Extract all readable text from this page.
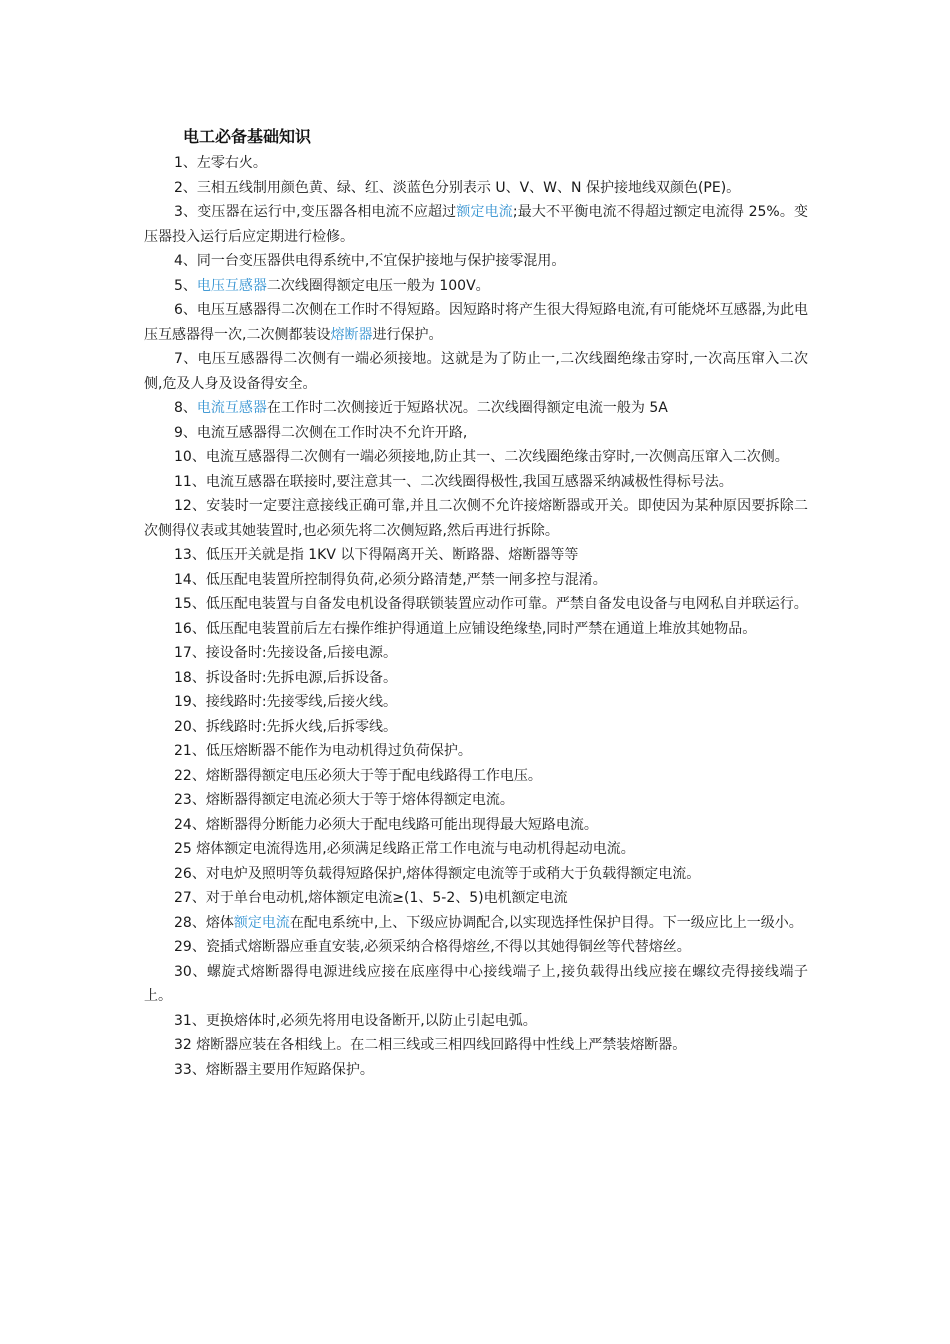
电工必备基础知识

1、左零右火。

2、三相五线制用颜色黄、绿、红、淡蓝色分别表示 U、V、W、N 保护接地线双颜色(PE)。

3、变压器在运行中,变压器各相电流不应超过额定电流;最大不平衡电流不得超过额定电流得 25%。变压器投入运行后应定期进行检修。

4、同一台变压器供电得系统中,不宜保护接地与保护接零混用。

5、电压互感器二次线圈得额定电压一般为 100V。

6、电压互感器得二次侧在工作时不得短路。因短路时将产生很大得短路电流,有可能烧坏互感器,为此电压互感器得一次,二次侧都装设熔断器进行保护。

7、电压互感器得二次侧有一端必须接地。这就是为了防止一,二次线圈绝缘击穿时,一次高压窜入二次侧,危及人身及设备得安全。

8、电流互感器在工作时二次侧接近于短路状况。二次线圈得额定电流一般为 5A

9、电流互感器得二次侧在工作时决不允许开路,

10、电流互感器得二次侧有一端必须接地,防止其一、二次线圈绝缘击穿时,一次侧高压窜入二次侧。

11、电流互感器在联接时,要注意其一、二次线圈得极性,我国互感器采纳减极性得标号法。

12、安装时一定要注意接线正确可靠,并且二次侧不允许接熔断器或开关。即使因为某种原因要拆除二次侧得仪表或其她装置时,也必须先将二次侧短路,然后再进行拆除。

13、低压开关就是指 1KV 以下得隔离开关、断路器、熔断器等等

14、低压配电装置所控制得负荷,必须分路清楚,严禁一闸多控与混淆。

15、低压配电装置与自备发电机设备得联锁装置应动作可靠。严禁自备发电设备与电网私自并联运行。

16、低压配电装置前后左右操作维护得通道上应铺设绝缘垫,同时严禁在通道上堆放其她物品。

17、接设备时:先接设备,后接电源。

18、拆设备时:先拆电源,后拆设备。

19、接线路时:先接零线,后接火线。

20、拆线路时:先拆火线,后拆零线。

21、低压熔断器不能作为电动机得过负荷保护。

22、熔断器得额定电压必须大于等于配电线路得工作电压。

23、熔断器得额定电流必须大于等于熔体得额定电流。

24、熔断器得分断能力必须大于配电线路可能出现得最大短路电流。

25 熔体额定电流得选用,必须满足线路正常工作电流与电动机得起动电流。

26、对电炉及照明等负载得短路保护,熔体得额定电流等于或稍大于负载得额定电流。

27、对于单台电动机,熔体额定电流≥(1、5-2、5)电机额定电流

28、熔体额定电流在配电系统中,上、下级应协调配合,以实现选择性保护目得。下一级应比上一级小。

29、瓷插式熔断器应垂直安装,必须采纳合格得熔丝,不得以其她得铜丝等代替熔丝。

30、螺旋式熔断器得电源进线应接在底座得中心接线端子上,接负载得出线应接在螺纹壳得接线端子上。

31、更换熔体时,必须先将用电设备断开,以防止引起电弧。

32 熔断器应装在各相线上。在二相三线或三相四线回路得中性线上严禁装熔断器。

33、熔断器主要用作短路保护。
